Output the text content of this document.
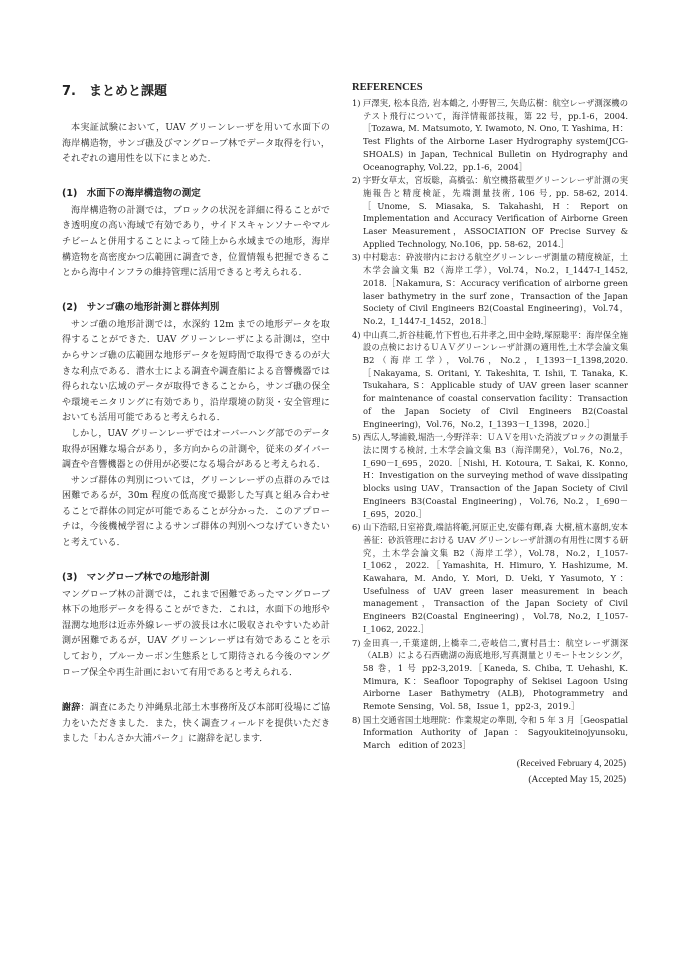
7.　まとめと課題

本実証試験において，UAV グリーンレーザを用いて水面下の海岸構造物，サンゴ礁及びマングローブ林でデータ取得を行い，それぞれの適用性を以下にまとめた．

(1)　水面下の海岸構造物の測定

海岸構造物の計測では，ブロックの状況を詳細に得ることができ透明度の高い海域で有効であり，サイドスキャンソナーやマルチビームと併用することによって陸上から水域までの地形，海岸構造物を高密度かつ広範囲に調査でき，位置情報も把握できることから海中インフラの維持管理に活用できると考えられる．

(2)　サンゴ礁の地形計測と群体判別

サンゴ礁の地形計測では，水深約 12m までの地形データを取得することができた．UAV グリーンレーザによる計測は，空中からサンゴ礁の広範囲な地形データを短時間で取得できるのが大きな利点である．潜水士による調査や調査船による音響機器では得られない広域のデータが取得できることから，サンゴ礁の保全や環境モニタリングに有効であり，沿岸環境の防災・安全管理においても活用可能であると考えられる．

しかし，UAV グリーンレーザではオーバーハング部でのデータ取得が困難な場合があり，多方向からの計測や，従来のダイバー調査や音響機器との併用が必要になる場合があると考えられる．

サンゴ群体の判別については，グリーンレーザの点群のみでは困難であるが，30m 程度の低高度で撮影した写真と組み合わせることで群体の同定が可能であることが分かった．このアプローチは，今後機械学習によるサンゴ群体の判別へつなげていきたいと考えている．

(3)　マングローブ林での地形計測

マングローブ林の計測では，これまで困難であったマングローブ林下の地形データを得ることができた．これは，水面下の地形や湿潤な地形は近赤外線レーザの波長は水に吸収されやすいため計測が困難であるが，UAV グリーンレーザは有効であることを示しており，ブルーカーボン生態系として期待される今後のマングローブ保全や再生計画において有用であると考えられる．

謝辞：調査にあたり沖縄県北部土木事務所及び本部町役場にご協力をいただきました．また，快く調査フィールドを提供いただきました「わんさか大浦パーク」に謝辞を記します．
REFERENCES
1) 戸澤実, 松本良浩, 岩本鶴之, 小野智三, 矢島広樹：航空レーザ測深機のテスト飛行について，海洋情報部技報，第 22 号，pp.1-6，2004.［Tozawa, M. Matsumoto, Y. Iwamoto, N. Ono, T. Yashima, H：Test Flights of the Airborne Laser Hydrography system(JCG-SHOALS) in Japan, Technical Bulletin on Hydrography and Oceanography, Vol.22，pp.1-6，2004］
2) 宇野女草太，宮坂聡，高橋弘：航空機搭載型グリーンレーザ計測の実施報告と精度検証，先端測量技術, 106 号, pp. 58-62, 2014.［Unome, S. Miasaka, S. Takahashi, H：Report on Implementation and Accuracy Verification of Airborne Green Laser Measurement，ASSOCIATION OF Precise Survey & Applied Technology, No.106，pp. 58-62，2014.］
3) 中村聡志：砕波帯内における航空グリーンレーザ測量の精度検証，土木学会論文集 B2（海岸工学），Vol.74，No.2，I_1447-I_1452, 2018.［Nakamura, S：Accuracy verification of airborne green laser bathymetry in the surf zone，Transaction of the Japan Society of Civil Engineers B2(Coastal Engineering)，Vol.74，No.2，I_1447-I_1452，2018.］
4) 中山真二,折谷桂範,竹下哲也,石井孝之,田中金時,塚原聡平：海岸保全施設の点検におけるＵＡＶグリーンレーザ計測の適用性,土木学会論文集 B2（海岸工学），Vol.76，No.2，I_1393－I_1398,2020.［Nakayama, S. Oritani, Y. Takeshita, T. Ishii, T. Tanaka, K. Tsukahara, S：Applicable study of UAV green laser scanner for maintenance of coastal conservation facility：Transaction of the Japan Society of Civil Engineers B2(Coastal Engineering)，Vol.76，No.2，I_1393－I_1398，2020.］
5) 西広人,琴浦毅,堀浩一,今野洋幸：ＵＡＶを用いた消波ブロックの測量手法に関する検討, 土木学会論文集 B3（海洋開発），Vol.76，No.2，I_690－I_695，2020.［Nishi, H. Kotoura, T. Sakai, K. Konno, H：Investigation on the surveying method of wave dissipating blocks using UAV，Transaction of the Japan Society of Civil Engineers B3(Coastal Engineering)，Vol.76, No.2，I_690－I_695，2020.］
6) 山下浩昭,日室裕貴,端詰将範,河原正史,安藤有輝,森 大樹,植木嘉朗,安本善征：砂浜管理における UAV グリーンレーザ計測の有用性に関する研究，土木学会論文集 B2（海岸工学），Vol.78，No.2，I_1057-I_1062，2022.［Yamashita, H. Himuro, Y. Hashizume, M. Kawahara, M. Ando, Y. Mori, D. Ueki, Y Yasumoto, Y：Usefulness of UAV green laser measurement in beach management，Transaction of the Japan Society of Civil Engineers B2(Coastal Engineering)，Vol.78, No.2, I_1057-I_1062, 2022.］
7) 金田真一,千葉達朗,上橋幸二,壱岐信二,實村昌士：航空レーザ測深（ALB）による石西礁湖の海底地形,写真測量とリモートセンシング，58 巻，1 号 pp2-3,2019.［Kaneda, S. Chiba, T. Uehashi, K. Mimura, K：Seafloor Topography of Sekisei Lagoon Using Airborne Laser Bathymetry (ALB), Photogrammetry and Remote Sensing，Vol. 58，Issue 1，pp2-3，2019.］
8) 国土交通省国土地理院：作業規定の準則, 令和 5 年 3 月［Geospatial Information Authority of Japan：Sagyoukiteinojyunsoku, March　edition of 2023］
(Received February 4, 2025)
(Accepted May 15, 2025)
